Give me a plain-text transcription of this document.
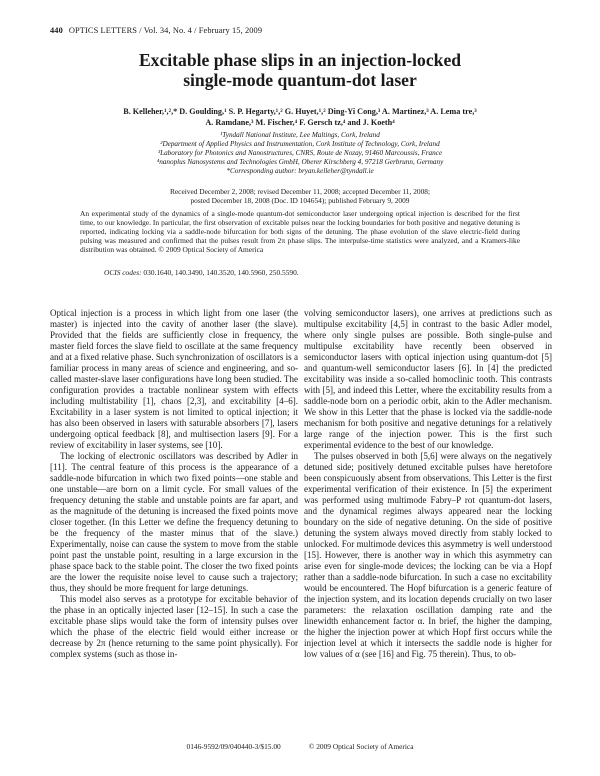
440 OPTICS LETTERS / Vol. 34, No. 4 / February 15, 2009
Excitable phase slips in an injection-locked
single-mode quantum-dot laser
B. Kelleher,¹,²,* D. Goulding,¹ S. P. Hegarty,¹,² G. Huyet,¹,² Ding-Yi Cong,³ A. Martinez,³ A. Lema tre,³
A. Ramdane,³ M. Fischer,⁴ F. Gersch tz,⁴ and J. Koeth⁴
¹Tyndall National Institute, Lee Maltings, Cork, Ireland
²Department of Applied Physics and Instrumentation, Cork Institute of Technology, Cork, Ireland
³Laboratory for Photonics and Nanostructures, CNRS, Route de Nozay, 91460 Marcoussis, France
⁴nanoplus Nanosystems and Technologies GmbH, Oberer Kirschberg 4, 97218 Gerbrunn, Germany
*Corresponding author: bryan.kelleher@tyndall.ie
Received December 2, 2008; revised December 11, 2008; accepted December 11, 2008;
posted December 18, 2008 (Doc. ID 104654); published February 9, 2009
An experimental study of the dynamics of a single-mode quantum-dot semiconductor laser undergoing optical injection is described for the first time, to our knowledge. In particular, the first observation of excitable pulses near the locking boundaries for both positive and negative detuning is reported, indicating locking via a saddle-node bifurcation for both signs of the detuning. The phase evolution of the slave electric-field during pulsing was measured and confirmed that the pulses result from 2π phase slips. The interpulse-time statistics were analyzed, and a Kramers-like distribution was obtained. © 2009 Optical Society of America
OCIS codes: 030.1640, 140.3490, 140.3520, 140.5960, 250.5590.

Optical injection is a process in which light from one laser (the master) is injected into the cavity of another laser (the slave). Provided that the fields are sufficiently close in frequency, the master field forces the slave field to oscillate at the same frequency and at a fixed relative phase. Such synchronization of oscillators is a familiar process in many areas of science and engineering, and so-called master-slave laser configurations have long been studied. The configuration provides a tractable nonlinear system with effects including multistability [1], chaos [2,3], and excitability [4–6]. Excitability in a laser system is not limited to optical injection; it has also been observed in lasers with saturable absorbers [7], lasers undergoing optical feedback [8], and multisection lasers [9]. For a review of excitability in laser systems, see [10].

The locking of electronic oscillators was described by Adler in [11]. The central feature of this process is the appearance of a saddle-node bifurcation in which two fixed points—one stable and one unstable—are born on a limit cycle. For small values of the frequency detuning the stable and unstable points are far apart, and as the magnitude of the detuning is increased the fixed points move closer together. (In this Letter we define the frequency detuning to be the frequency of the master minus that of the slave.) Experimentally, noise can cause the system to move from the stable point past the unstable point, resulting in a large excursion in the phase space back to the stable point. The closer the two fixed points are the lower the requisite noise level to cause such a trajectory; thus, they should be more frequent for large detunings.

This model also serves as a prototype for excitable behavior of the phase in an optically injected laser [12–15]. In such a case the excitable phase slips would take the form of intensity pulses over which the phase of the electric field would either increase or decrease by 2π (hence returning to the same point physically). For complex systems (such as those in-

volving semiconductor lasers), one arrives at predictions such as multipulse excitability [4,5] in contrast to the basic Adler model, where only single pulses are possible. Both single-pulse and multipulse excitability have recently been observed in semiconductor lasers with optical injection using quantum-dot [5] and quantum-well semiconductor lasers [6]. In [4] the predicted excitability was inside a so-called homoclinic tooth. This contrasts with [5], and indeed this Letter, where the excitability results from a saddle-node born on a periodic orbit, akin to the Adler mechanism. We show in this Letter that the phase is locked via the saddle-node mechanism for both positive and negative detunings for a relatively large range of the injection power. This is the first such experimental evidence to the best of our knowledge.

The pulses observed in both [5,6] were always on the negatively detuned side; positively detuned excitable pulses have heretofore been conspicuously absent from observations. This Letter is the first experimental verification of their existence. In [5] the experiment was performed using multimode Fabry–P rot quantum-dot lasers, and the dynamical regimes always appeared near the locking boundary on the side of negative detuning. On the side of positive detuning the system always moved directly from stably locked to unlocked. For multimode devices this asymmetry is well understood [15]. However, there is another way in which this asymmetry can arise even for single-mode devices; the locking can be via a Hopf rather than a saddle-node bifurcation. In such a case no excitability would be encountered. The Hopf bifurcation is a generic feature of the injection system, and its location depends crucially on two laser parameters: the relaxation oscillation damping rate and the linewidth enhancement factor α. In brief, the higher the damping, the higher the injection power at which Hopf first occurs while the injection level at which it intersects the saddle node is higher for low values of α (see [16] and Fig. 75 therein). Thus, to ob-

0146-9592/09/040440-3/$15.00	© 2009 Optical Society of America
